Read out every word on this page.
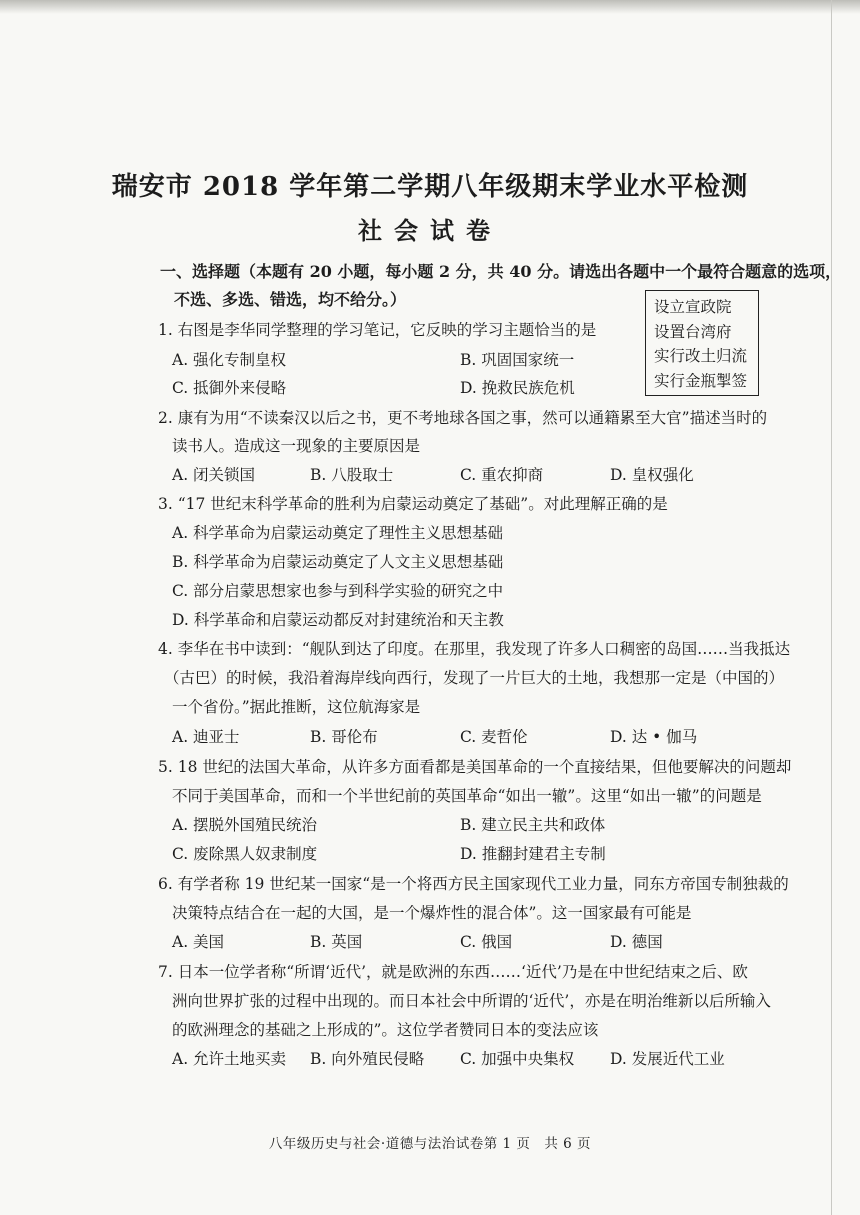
瑞安市 2018 学年第二学期八年级期末学业水平检测
社会试卷
一、选择题（本题有 20 小题，每小题 2 分，共 40 分。请选出各题中一个最符合题意的选项，
不选、多选、错选，均不给分。）	设立宣政院
设置台湾府
实行改土归流
实行金瓶掣签
1. 右图是李华同学整理的学习笔记，它反映的学习主题恰当的是
A. 强化专制皇权	B. 巩固国家统一
C. 抵御外来侵略	D. 挽救民族危机
2. 康有为用“不读秦汉以后之书，更不考地球各国之事，然可以通籍累至大官”描述当时的
读书人。造成这一现象的主要原因是
A. 闭关锁国	B. 八股取士	C. 重农抑商	D. 皇权强化
3. “17 世纪末科学革命的胜利为启蒙运动奠定了基础”。对此理解正确的是
A. 科学革命为启蒙运动奠定了理性主义思想基础
B. 科学革命为启蒙运动奠定了人文主义思想基础
C. 部分启蒙思想家也参与到科学实验的研究之中
D. 科学革命和启蒙运动都反对封建统治和天主教
4. 李华在书中读到：“舰队到达了印度。在那里，我发现了许多人口稠密的岛国……当我抵达
（古巴）的时候，我沿着海岸线向西行，发现了一片巨大的土地，我想那一定是（中国的）
一个省份。”据此推断，这位航海家是
A. 迪亚士	B. 哥伦布	C. 麦哲伦	D. 达 • 伽马
5. 18 世纪的法国大革命，从许多方面看都是美国革命的一个直接结果，但他要解决的问题却
不同于美国革命，而和一个半世纪前的英国革命“如出一辙”。这里“如出一辙”的问题是
A. 摆脱外国殖民统治	B. 建立民主共和政体
C. 废除黑人奴隶制度	D. 推翻封建君主专制
6. 有学者称 19 世纪某一国家“是一个将西方民主国家现代工业力量，同东方帝国专制独裁的
决策特点结合在一起的大国，是一个爆炸性的混合体”。这一国家最有可能是
A. 美国	B. 英国	C. 俄国	D. 德国
7. 日本一位学者称“所谓‘近代’，就是欧洲的东西……‘近代’乃是在中世纪结束之后、欧
洲向世界扩张的过程中出现的。而日本社会中所谓的‘近代’，亦是在明治维新以后所输入
的欧洲理念的基础之上形成的”。这位学者赞同日本的变法应该
A. 允许土地买卖 B. 向外殖民侵略 C. 加强中央集权 D. 发展近代工业
八年级历史与社会·道德与法治试卷第 1 页　共 6 页
